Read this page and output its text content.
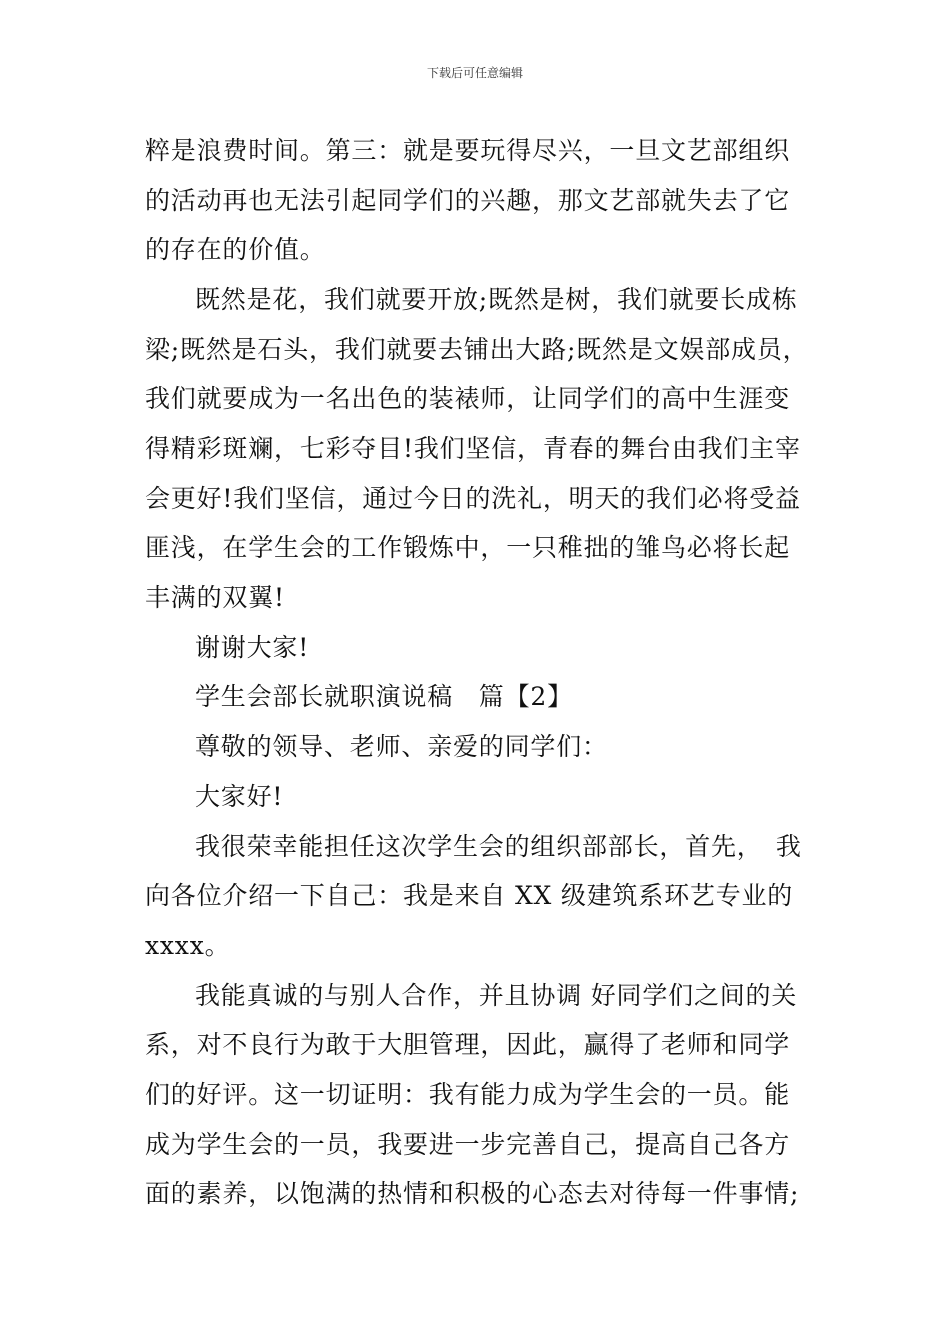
下载后可任意编辑
粹是浪费时间。第三：就是要玩得尽兴，一旦文艺部组织
的活动再也无法引起同学们的兴趣，那文艺部就失去了它
的存在的价值。
既然是花，我们就要开放;既然是树，我们就要长成栋
梁;既然是石头，我们就要去铺出大路;既然是文娱部成员，
我们就要成为一名出色的装裱师，让同学们的高中生涯变
得精彩斑斓，七彩夺目!我们坚信，青春的舞台由我们主宰
会更好!我们坚信，通过今日的洗礼，明天的我们必将受益
匪浅，在学生会的工作锻炼中，一只稚拙的雏鸟必将长起
丰满的双翼!
谢谢大家!
学生会部长就职演说稿　篇【2】
尊敬的领导、老师、亲爱的同学们：
大家好!
我很荣幸能担任这次学生会的组织部部长，首先，　我
向各位介绍一下自己：我是来自 XX 级建筑系环艺专业的
xxxx。
我能真诚的与别人合作，并且协调 好同学们之间的关
系，对不良行为敢于大胆管理，因此，赢得了老师和同学
们的好评。这一切证明：我有能力成为学生会的一员。能
成为学生会的一员，我要进一步完善自己，提高自己各方
面的素养，以饱满的热情和积极的心态去对待每一件事情;
